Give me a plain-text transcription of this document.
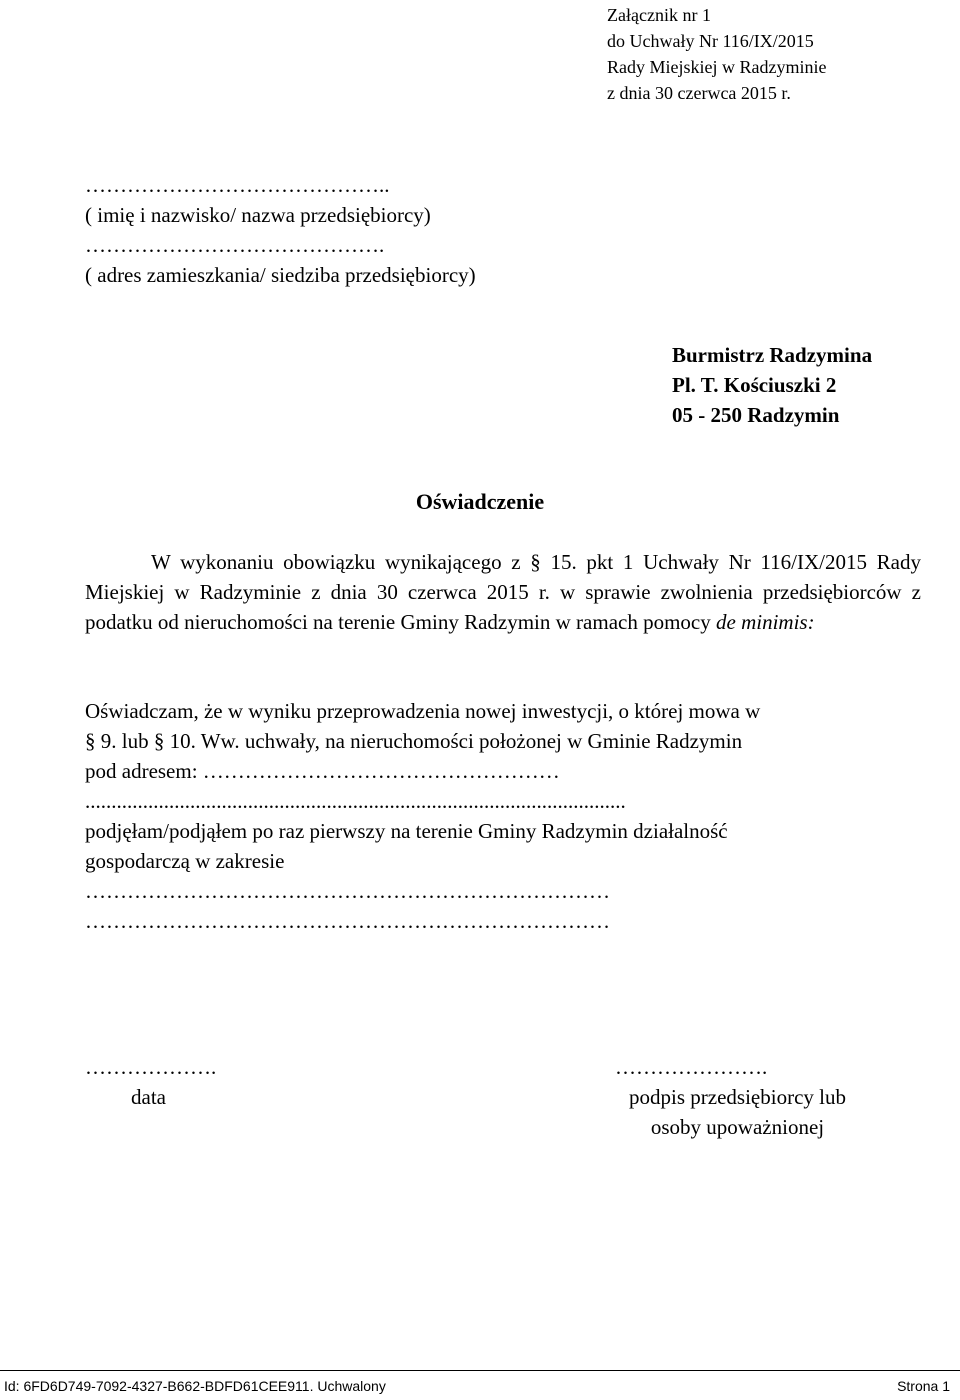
Załącznik nr 1
do Uchwały Nr 116/IX/2015
Rady Miejskiej w Radzyminie
z dnia 30 czerwca 2015 r.
……………………………………..
( imię i nazwisko/ nazwa przedsiębiorcy)
…………………………………….
( adres zamieszkania/ siedziba przedsiębiorcy)
Burmistrz Radzymina
Pl. T. Kościuszki 2
05 - 250 Radzymin
Oświadczenie
W wykonaniu obowiązku wynikającego z § 15. pkt 1 Uchwały Nr 116/IX/2015 Rady Miejskiej w Radzyminie z dnia 30 czerwca 2015 r. w sprawie zwolnienia przedsiębiorców z podatku od nieruchomości na terenie Gminy Radzymin w ramach pomocy de minimis:
Oświadczam, że w wyniku przeprowadzenia nowej inwestycji, o której mowa w
§ 9. lub § 10. Ww. uchwały, na nieruchomości położonej w Gminie Radzymin
pod adresem: ……………………………………………
.......................................................................................................
podjęłam/podjąłem po raz pierwszy na terenie Gminy Radzymin działalność
gospodarczą w zakresie
…………………………………………………………………
…………………………………………………………………
……………….
data
………………….
podpis przedsiębiorcy lub
osoby upoważnionej
Id: 6FD6D749-7092-4327-B662-BDFD61CEE911. Uchwalony	Strona 1
